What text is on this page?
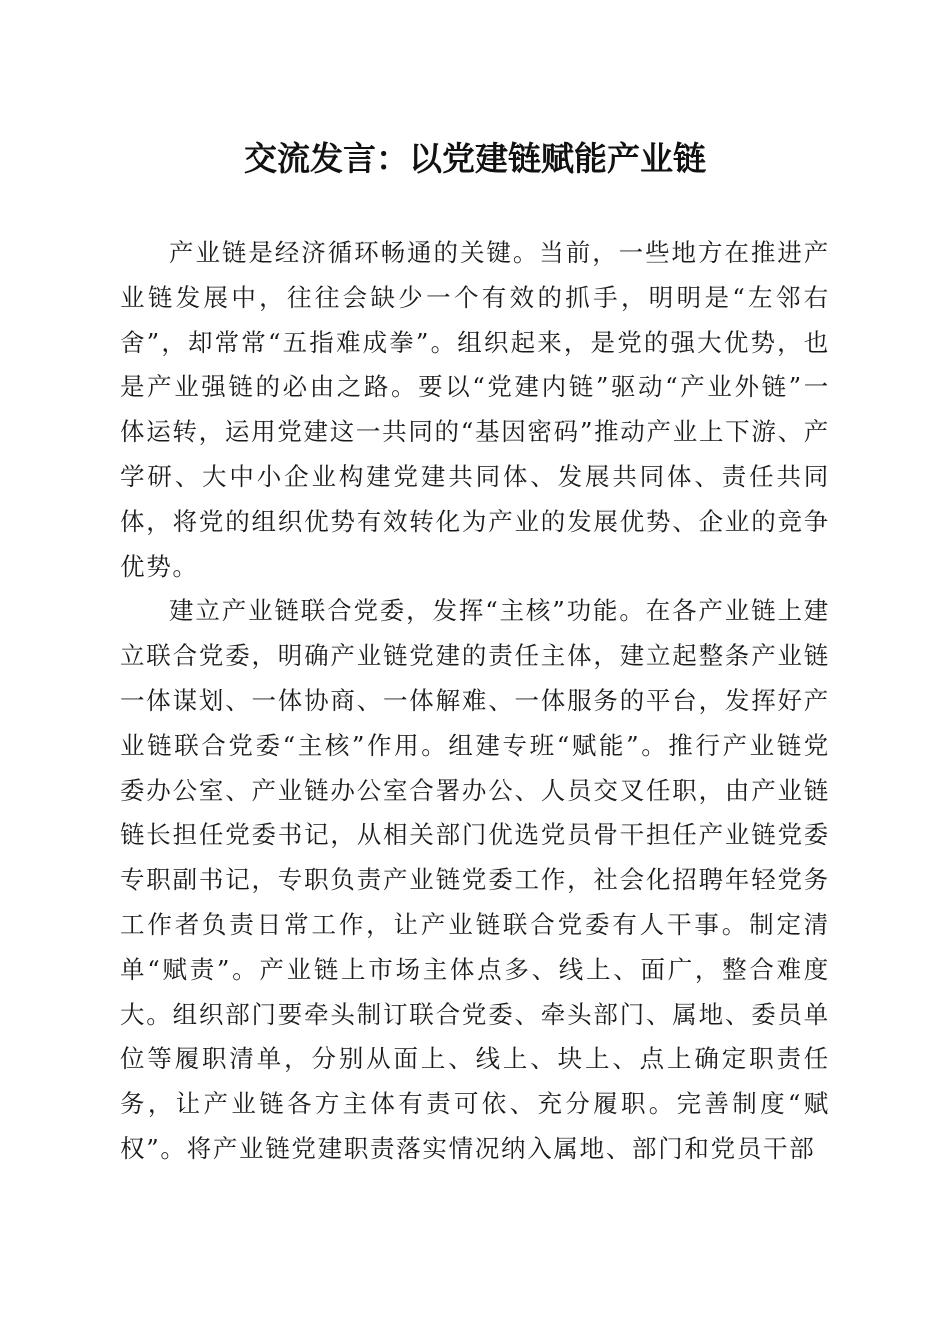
交流发言：以党建链赋能产业链

产业链是经济循环畅通的关键。当前，一些地方在推进产业链发展中，往往会缺少一个有效的抓手，明明是“左邻右舍”，却常常“五指难成拳”。组织起来，是党的强大优势，也是产业强链的必由之路。要以“党建内链”驱动“产业外链”一体运转，运用党建这一共同的“基因密码”推动产业上下游、产学研、大中小企业构建党建共同体、发展共同体、责任共同体，将党的组织优势有效转化为产业的发展优势、企业的竞争优势。

建立产业链联合党委，发挥“主核”功能。在各产业链上建立联合党委，明确产业链党建的责任主体，建立起整条产业链一体谋划、一体协商、一体解难、一体服务的平台，发挥好产业链联合党委“主核”作用。组建专班“赋能”。推行产业链党委办公室、产业链办公室合署办公、人员交叉任职，由产业链链长担任党委书记，从相关部门优选党员骨干担任产业链党委专职副书记，专职负责产业链党委工作，社会化招聘年轻党务工作者负责日常工作，让产业链联合党委有人干事。制定清单“赋责”。产业链上市场主体点多、线上、面广，整合难度大。组织部门要牵头制订联合党委、牵头部门、属地、委员单位等履职清单，分别从面上、线上、块上、点上确定职责任务，让产业链各方主体有责可依、充分履职。完善制度“赋权”。将产业链党建职责落实情况纳入属地、部门和党员干部
